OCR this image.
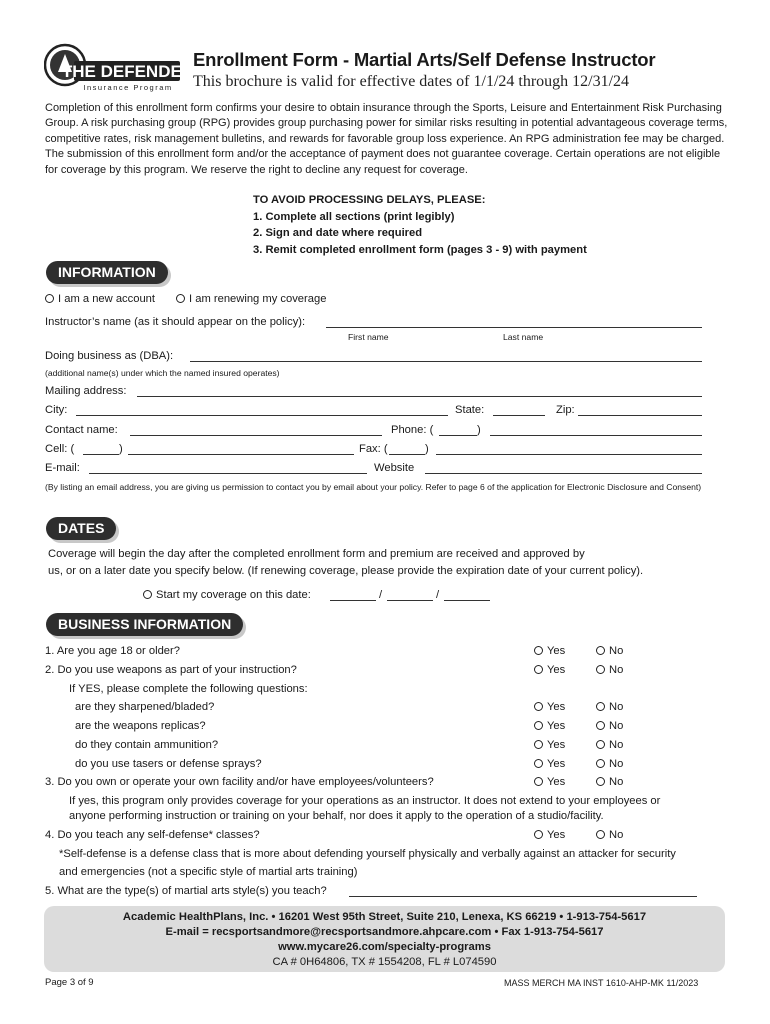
THE DEFENDER
Insurance Program
Enrollment Form - Martial Arts/Self Defense Instructor
This brochure is valid for effective dates of 1/1/24 through 12/31/24
Completion of this enrollment form confirms your desire to obtain insurance through the Sports, Leisure and Entertainment Risk Purchasing Group. A risk purchasing group (RPG) provides group purchasing power for similar risks resulting in potential advantageous coverage terms, competitive rates, risk management bulletins, and rewards for favorable group loss experience. An RPG administration fee may be charged. The submission of this enrollment form and/or the acceptance of payment does not guarantee coverage. Certain operations are not eligible for coverage by this program. We reserve the right to decline any request for coverage.
TO AVOID PROCESSING DELAYS, PLEASE:
1. Complete all sections (print legibly)
2. Sign and date where required
3. Remit completed enrollment form (pages 3 - 9) with payment
INFORMATION
I am a new account	I am renewing my coverage
Instructor’s name (as it should appear on the policy):
First name	Last name
Doing business as (DBA):
(additional name(s) under which the named insured operates)
Mailing address:
City:	State:	Zip:
Contact name:	Phone: (	)
Cell: (	)	Fax: (	)
E-mail:	Website
(By listing an email address, you are giving us permission to contact you by email about your policy. Refer to page 6 of the application for Electronic Disclosure and Consent)
DATES
Coverage will begin the day after the completed enrollment form and premium are received and approved by
us, or on a later date you specify below. (If renewing coverage, please provide the expiration date of your current policy).
Start my coverage on this date:	/	/
BUSINESS INFORMATION
1. Are you age 18 or older?	Yes	No
2. Do you use weapons as part of your instruction?	Yes	No
If YES, please complete the following questions:
are they sharpened/bladed?	Yes	No
are the weapons replicas?	Yes	No
do they contain ammunition?	Yes	No
do you use tasers or defense sprays?	Yes	No
3. Do you own or operate your own facility and/or have employees/volunteers?	Yes	No
If yes, this program only provides coverage for your operations as an instructor. It does not extend to your employees or
anyone performing instruction or training on your behalf, nor does it apply to the operation of a studio/facility.
4. Do you teach any self-defense* classes?	Yes	No
*Self-defense is a defense class that is more about defending yourself physically and verbally against an attacker for security
and emergencies (not a specific style of martial arts training)
5. What are the type(s) of martial arts style(s) you teach?
Academic HealthPlans, Inc. • 16201 West 95th Street, Suite 210, Lenexa, KS 66219 • 1-913-754-5617
E-mail = recsportsandmore@recsportsandmore.ahpcare.com • Fax 1-913-754-5617
www.mycare26.com/specialty-programs
CA # 0H64806, TX # 1554208, FL # L074590
Page 3 of 9	MASS MERCH MA INST 1610-AHP-MK 11/2023
